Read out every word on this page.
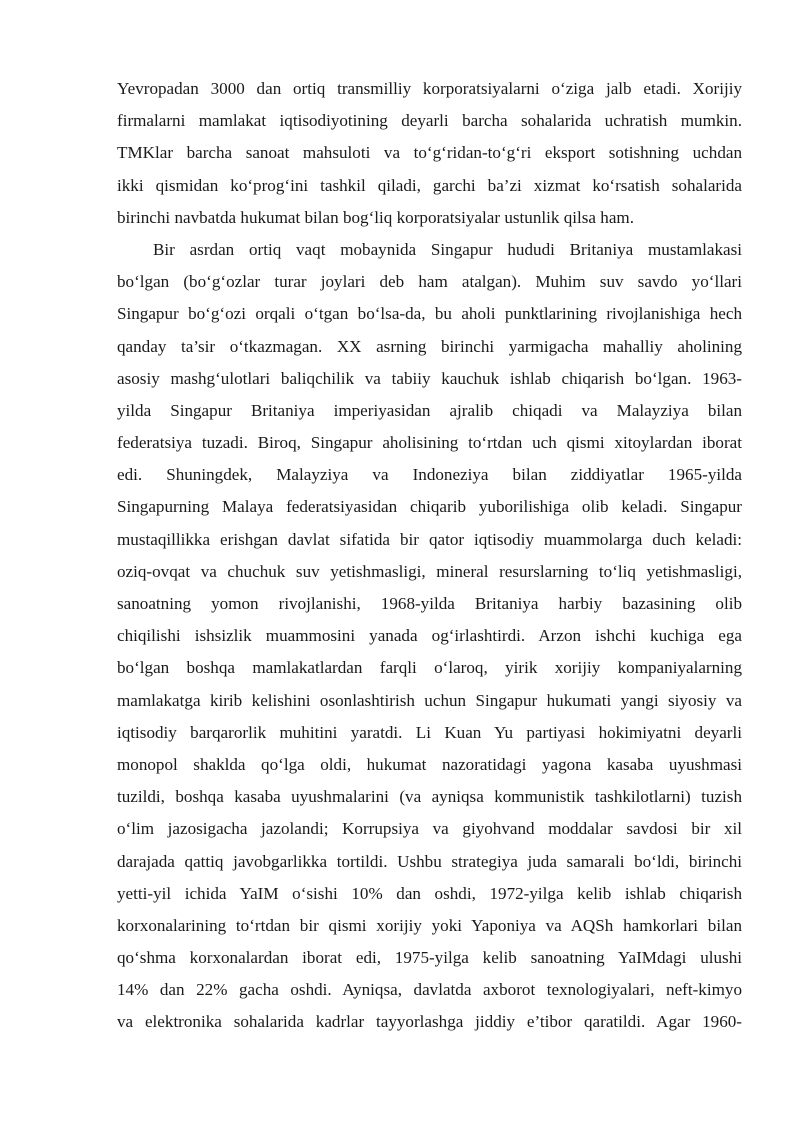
Yevropadan 3000 dan ortiq transmilliy korporatsiyalarni o‘ziga jalb etadi. Xorijiy
firmalarni mamlakat iqtisodiyotining deyarli barcha sohalarida uchratish mumkin.
TMKlar barcha sanoat mahsuloti va to‘g‘ridan-to‘g‘ri eksport sotishning uchdan
ikki qismidan ko‘prog‘ini tashkil qiladi, garchi ba’zi xizmat ko‘rsatish sohalarida
birinchi navbatda hukumat bilan bog‘liq korporatsiyalar ustunlik qilsa ham.
Bir asrdan ortiq vaqt mobaynida Singapur hududi Britaniya mustamlakasi
bo‘lgan (bo‘g‘ozlar turar joylari deb ham atalgan). Muhim suv savdo yo‘llari
Singapur bo‘g‘ozi orqali o‘tgan bo‘lsa-da, bu aholi punktlarining rivojlanishiga hech
qanday ta’sir o‘tkazmagan. XX asrning birinchi yarmigacha mahalliy aholining
asosiy mashg‘ulotlari baliqchilik va tabiiy kauchuk ishlab chiqarish bo‘lgan. 1963-
yilda Singapur Britaniya imperiyasidan ajralib chiqadi va Malayziya bilan
federatsiya tuzadi. Biroq, Singapur aholisining to‘rtdan uch qismi xitoylardan iborat
edi. Shuningdek, Malayziya va Indoneziya bilan ziddiyatlar 1965-yilda
Singapurning Malaya federatsiyasidan chiqarib yuborilishiga olib keladi. Singapur
mustaqillikka erishgan davlat sifatida bir qator iqtisodiy muammolarga duch keladi:
oziq-ovqat va chuchuk suv yetishmasligi, mineral resurslarning to‘liq yetishmasligi,
sanoatning yomon rivojlanishi, 1968-yilda Britaniya harbiy bazasining olib
chiqilishi ishsizlik muammosini yanada og‘irlashtirdi. Arzon ishchi kuchiga ega
bo‘lgan boshqa mamlakatlardan farqli o‘laroq, yirik xorijiy kompaniyalarning
mamlakatga kirib kelishini osonlashtirish uchun Singapur hukumati yangi siyosiy va
iqtisodiy barqarorlik muhitini yaratdi. Li Kuan Yu partiyasi hokimiyatni deyarli
monopol shaklda qo‘lga oldi, hukumat nazoratidagi yagona kasaba uyushmasi
tuzildi, boshqa kasaba uyushmalarini (va ayniqsa kommunistik tashkilotlarni) tuzish
o‘lim jazosigacha jazolandi; Korrupsiya va giyohvand moddalar savdosi bir xil
darajada qattiq javobgarlikka tortildi. Ushbu strategiya juda samarali bo‘ldi, birinchi
yetti-yil ichida YaIM o‘sishi 10% dan oshdi, 1972-yilga kelib ishlab chiqarish
korxonalarining to‘rtdan bir qismi xorijiy yoki Yaponiya va AQSh hamkorlari bilan
qo‘shma korxonalardan iborat edi, 1975-yilga kelib sanoatning YaIMdagi ulushi
14% dan 22% gacha oshdi. Ayniqsa, davlatda axborot texnologiyalari, neft-kimyo
va elektronika sohalarida kadrlar tayyorlashga jiddiy e’tibor qaratildi. Agar 1960-
